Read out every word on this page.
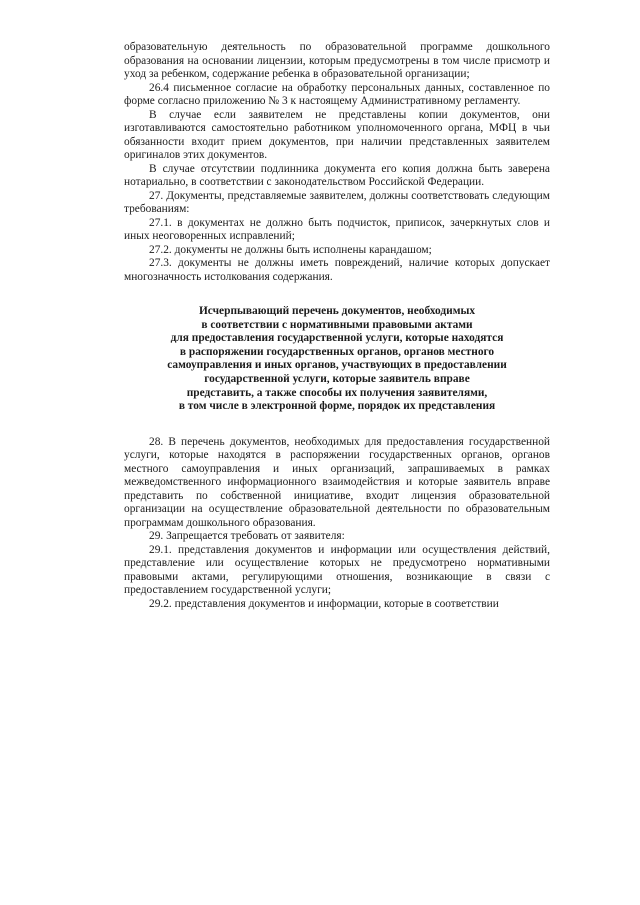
образовательную деятельность по образовательной программе дошкольного образования на основании лицензии, которым предусмотрены в том числе присмотр и уход за ребенком, содержание ребенка в образовательной организации;

26.4 письменное согласие на обработку персональных данных, составленное по форме согласно приложению № 3 к настоящему Административному регламенту.

В случае если заявителем не представлены копии документов, они изготавливаются самостоятельно работником уполномоченного органа, МФЦ в чьи обязанности входит прием документов, при наличии представленных заявителем оригиналов этих документов.

В случае отсутствии подлинника документа его копия должна быть заверена нотариально, в соответствии с законодательством Российской Федерации.

27. Документы, представляемые заявителем, должны соответствовать следующим требованиям:

27.1. в документах не должно быть подчисток, приписок, зачеркнутых слов и иных неоговоренных исправлений;

27.2. документы не должны быть исполнены карандашом;

27.3. документы не должны иметь повреждений, наличие которых допускает многозначность истолкования содержания.

Исчерпывающий перечень документов, необходимых
в соответствии с нормативными правовыми актами
для предоставления государственной услуги, которые находятся
в распоряжении государственных органов, органов местного
самоуправления и иных органов, участвующих в предоставлении
государственной услуги, которые заявитель вправе
представить, а также способы их получения заявителями,
в том числе в электронной форме, порядок их представления

28. В перечень документов, необходимых для предоставления государственной услуги, которые находятся в распоряжении государственных органов, органов местного самоуправления и иных организаций, запрашиваемых в рамках межведомственного информационного взаимодействия и которые заявитель вправе представить по собственной инициативе, входит лицензия образовательной организации на осуществление образовательной деятельности по образовательным программам дошкольного образования.

29. Запрещается требовать от заявителя:

29.1. представления документов и информации или осуществления действий, представление или осуществление которых не предусмотрено нормативными правовыми актами, регулирующими отношения, возникающие в связи с предоставлением государственной услуги;

29.2. представления документов и информации, которые в соответствии
